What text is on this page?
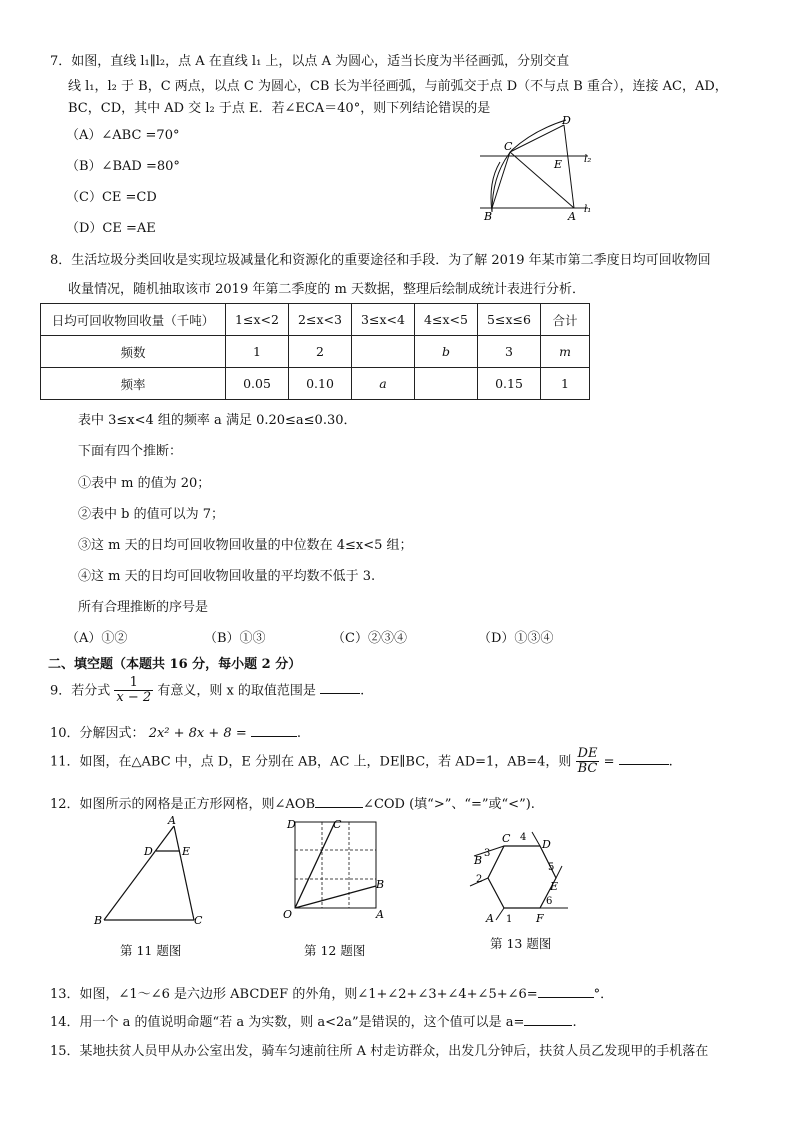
7．如图，直线 l₁∥l₂，点 A 在直线 l₁ 上，以点 A 为圆心，适当长度为半径画弧，分别交直
线 l₁，l₂ 于 B，C 两点，以点 C 为圆心，CB 长为半径画弧，与前弧交于点 D（不与点 B 重合），连接 AC，AD，
BC，CD，其中 AD 交 l₂ 于点 E．若∠ECA＝40°，则下列结论错误的是
（A）∠ABC =70°
（B）∠BAD =80°
（C）CE =CD
（D）CE =AE
C
D
E
B	A
l₂
l₁
8．生活垃圾分类回收是实现垃圾减量化和资源化的重要途径和手段．为了解 2019 年某市第二季度日均可回收物回
收量情况，随机抽取该市 2019 年第二季度的 m 天数据，整理后绘制成统计表进行分析．
日均可回收物回收量（千吨）	1≤x<2	2≤x<3	3≤x<4	4≤x<5	5≤x≤6	合计
频数	1	2		b	3	m
频率	0.05	0.10	a		0.15	1
表中 3≤x<4 组的频率 a 满足 0.20≤a≤0.30．
下面有四个推断：
①表中 m 的值为 20；
②表中 b 的值可以为 7；
③这 m 天的日均可回收物回收量的中位数在 4≤x<5 组；
④这 m 天的日均可回收物回收量的平均数不低于 3.
所有合理推断的序号是
（A）①②	（B）①③	（C）②③④	（D）①③④
二、填空题（本题共 16 分，每小题 2 分）
9．若分式 $\frac{1}{x - 2}$ 有意义，则 x 的取值范围是	.
10．分解因式： 2x² + 8x + 8 =	.
11．如图，在△ABC 中，点 D，E 分别在 AB，AC 上，DE∥BC，若 AD=1，AB=4，则 $\frac{DE}{BC}$ =	.
12．如图所示的网格是正方形网格，则∠AOB	∠COD (填“>”、“=”或“<”).
A
D	E
B	C
第 11 题图
D	C
B
O	A
第 12 题图
C 4
D
B
3
5
2
E
6
A 1 F
第 13 题图
13．如图，∠1～∠6 是六边形 ABCDEF 的外角，则∠1+∠2+∠3+∠4+∠5+∠6=	°．
14．用一个 a 的值说明命题“若 a 为实数，则 a<2a”是错误的，这个值可以是 a=	.
15．某地扶贫人员甲从办公室出发，骑车匀速前往所 A 村走访群众，出发几分钟后，扶贫人员乙发现甲的手机落在
